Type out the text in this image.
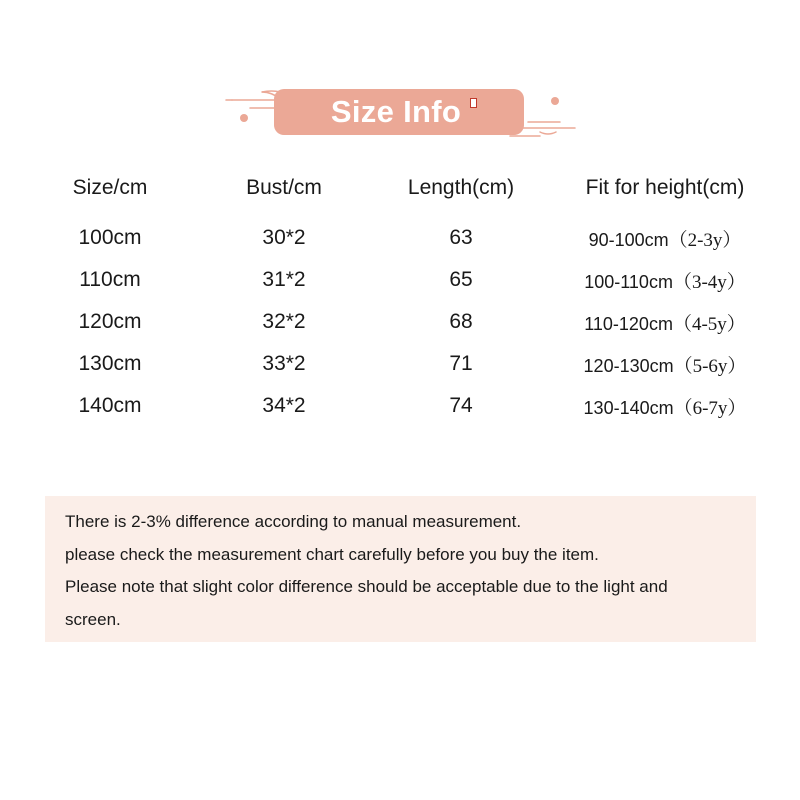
Size Info
Size/cm	Bust/cm	Length(cm)	Fit for height(cm)
100cm	30*2	63	90-100cm（2-3y）
110cm	31*2	65	100-110cm（3-4y）
120cm	32*2	68	110-120cm（4-5y）
130cm	33*2	71	120-130cm（5-6y）
140cm	34*2	74	130-140cm（6-7y）
There is 2-3% difference according to manual measurement.
please check the measurement chart carefully before you buy the item.
Please note that slight color difference should be acceptable due to the light and
screen.
